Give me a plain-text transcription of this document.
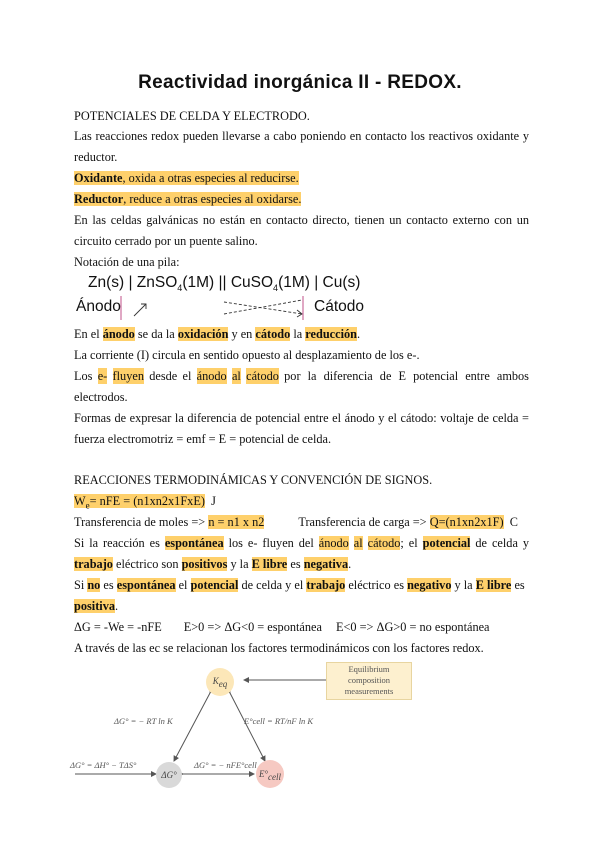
Reactividad inorgánica II - REDOX.
POTENCIALES DE CELDA Y ELECTRODO.
Las reacciones redox pueden llevarse a cabo poniendo en contacto los reactivos oxidante y
reductor.
Oxidante, oxida a otras especies al reducirse.
Reductor, reduce a otras especies al oxidarse.
En las celdas galvánicas no están en contacto directo, tienen un contacto externo con un
circuito cerrado por un puente salino.
Notación de una pila:
Zn(s) | ZnSO$_4$(1M) || CuSO$_4$(1M) | Cu(s)
Ánodo	Cátodo
En el ánodo se da la oxidación y en cátodo la reducción.
La corriente (I) circula en sentido opuesto al desplazamiento de los e-.
Los e- fluyen desde el ánodo al cátodo por la diferencia de E potencial entre ambos
electrodos.
Formas de expresar la diferencia de potencial entre el ánodo y el cátodo: voltaje de celda =
fuerza electromotriz = emf = E = potencial de celda.
REACCIONES TERMODINÁMICAS Y CONVENCIÓN DE SIGNOS.
$W_e=$ nFE = (n1xn2x1FxE) J
Transferencia de moles => n = n1 x n2	Transferencia de carga => Q=(n1xn2x1F) C
Si la reacción es espontánea los e- fluyen del ánodo al cátodo; el potencial de celda y
trabajo eléctrico son positivos y la E libre es negativa.
Si no es espontánea el potencial de celda y el trabajo eléctrico es negativo y la E libre es
positiva.
ΔG = -We = -nFE E>0 => ΔG<0 = espontánea E<0 => ΔG>0 = no espontánea
A través de las ec se relacionan los factores termodinámicos con los factores redox.
$K_{eq}$
ΔG°	$E^\circ_{cell}$
Equilibrium composition measurements
ΔG° = − RT ln K	E°cell = RT/nF ln K
ΔG° = − nFE°cell
ΔG° = ΔH° − TΔS°
